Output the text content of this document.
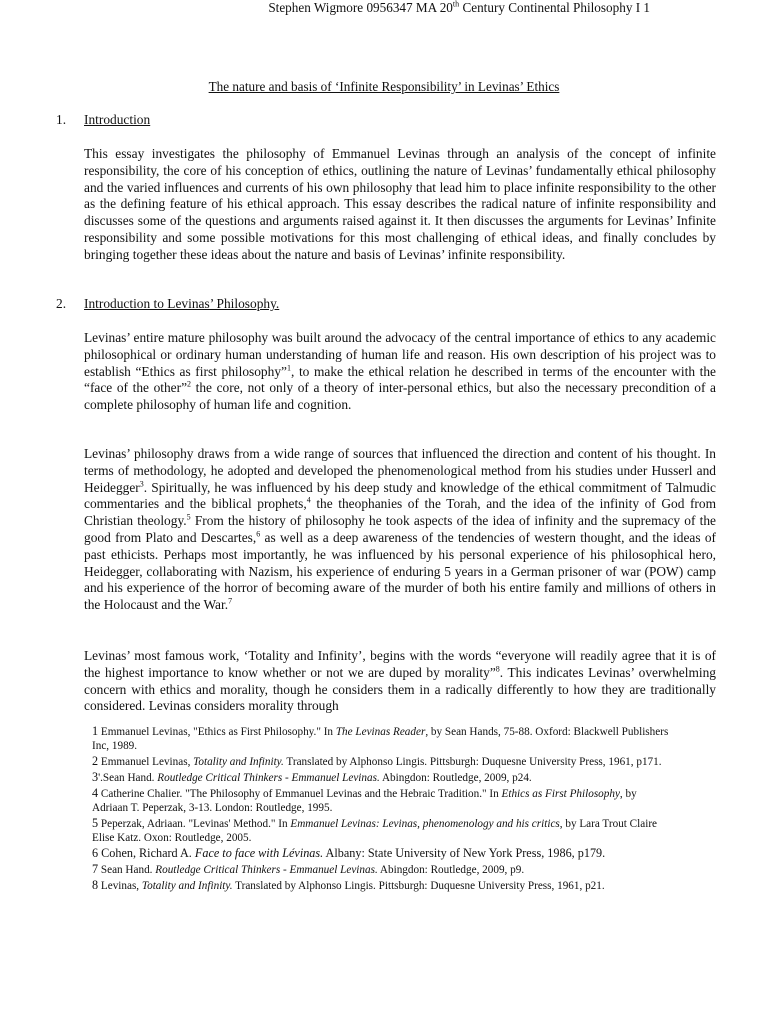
Stephen Wigmore 0956347 MA 20th Century Continental Philosophy I 1
The nature and basis of ‘Infinite Responsibility’ in Levinas’ Ethics
1. Introduction

This essay investigates the philosophy of Emmanuel Levinas through an analysis of the concept of infinite responsibility, the core of his conception of ethics, outlining the nature of Levinas’ fundamentally ethical philosophy and the varied influences and currents of his own philosophy that lead him to place infinite responsibility to the other as the defining feature of his ethical approach. This essay describes the radical nature of infinite responsibility and discusses some of the questions and arguments raised against it. It then discusses the arguments for Levinas’ Infinite responsibility and some possible motivations for this most challenging of ethical ideas, and finally concludes by bringing together these ideas about the nature and basis of Levinas’ infinite responsibility.

2. Introduction to Levinas’ Philosophy.

Levinas’ entire mature philosophy was built around the advocacy of the central importance of ethics to any academic philosophical or ordinary human understanding of human life and reason. His own description of his project was to establish “Ethics as first philosophy”$^1$, to make the ethical relation he described in terms of the encounter with the “face of the other”$^2$ the core, not only of a theory of inter-personal ethics, but also the necessary precondition of a complete philosophy of human life and cognition.

Levinas’ philosophy draws from a wide range of sources that influenced the direction and content of his thought. In terms of methodology, he adopted and developed the phenomenological method from his studies under Husserl and Heidegger$^3$. Spiritually, he was influenced by his deep study and knowledge of the ethical commitment of Talmudic commentaries and the biblical prophets,$^4$ the theophanies of the Torah, and the idea of the infinity of God from Christian theology.$^5$ From the history of philosophy he took aspects of the idea of infinity and the supremacy of the good from Plato and Descartes,$^6$ as well as a deep awareness of the tendencies of western thought, and the ideas of past ethicists. Perhaps most importantly, he was influenced by his personal experience of his philosophical hero, Heidegger, collaborating with Nazism, his experience of enduring 5 years in a German prisoner of war (POW) camp and his experience of the horror of becoming aware of the murder of both his entire family and millions of others in the Holocaust and the War.$^7$

Levinas’ most famous work, ‘Totality and Infinity’, begins with the words “everyone will readily agree that it is of the highest importance to know whether or not we are duped by morality”$^8$. This indicates Levinas’ overwhelming concern with ethics and morality, though he considers them in a radically differently to how they are traditionally considered. Levinas considers morality through

1 Emmanuel Levinas, "Ethics as First Philosophy." In The Levinas Reader, by Sean Hands, 75-88. Oxford: Blackwell Publishers Inc, 1989.
2 Emmanuel Levinas, Totality and Infinity. Translated by Alphonso Lingis. Pittsburgh: Duquesne University Press, 1961, p171.
3'.Sean Hand. Routledge Critical Thinkers - Emmanuel Levinas. Abingdon: Routledge, 2009, p24.
4 Catherine Chalier. "The Philosophy of Emmanuel Levinas and the Hebraic Tradition." In Ethics as First Philosophy, by Adriaan T. Peperzak, 3-13. London: Routledge, 1995.
5 Peperzak, Adriaan. "Levinas' Method." In Emmanuel Levinas: Levinas, phenomenology and his critics, by Lara Trout Claire Elise Katz. Oxon: Routledge, 2005.
6 Cohen, Richard A. Face to face with Lévinas. Albany: State University of New York Press, 1986, p179.
7 Sean Hand. Routledge Critical Thinkers - Emmanuel Levinas. Abingdon: Routledge, 2009, p9.
8 Levinas, Totality and Infinity. Translated by Alphonso Lingis. Pittsburgh: Duquesne University Press, 1961, p21.
